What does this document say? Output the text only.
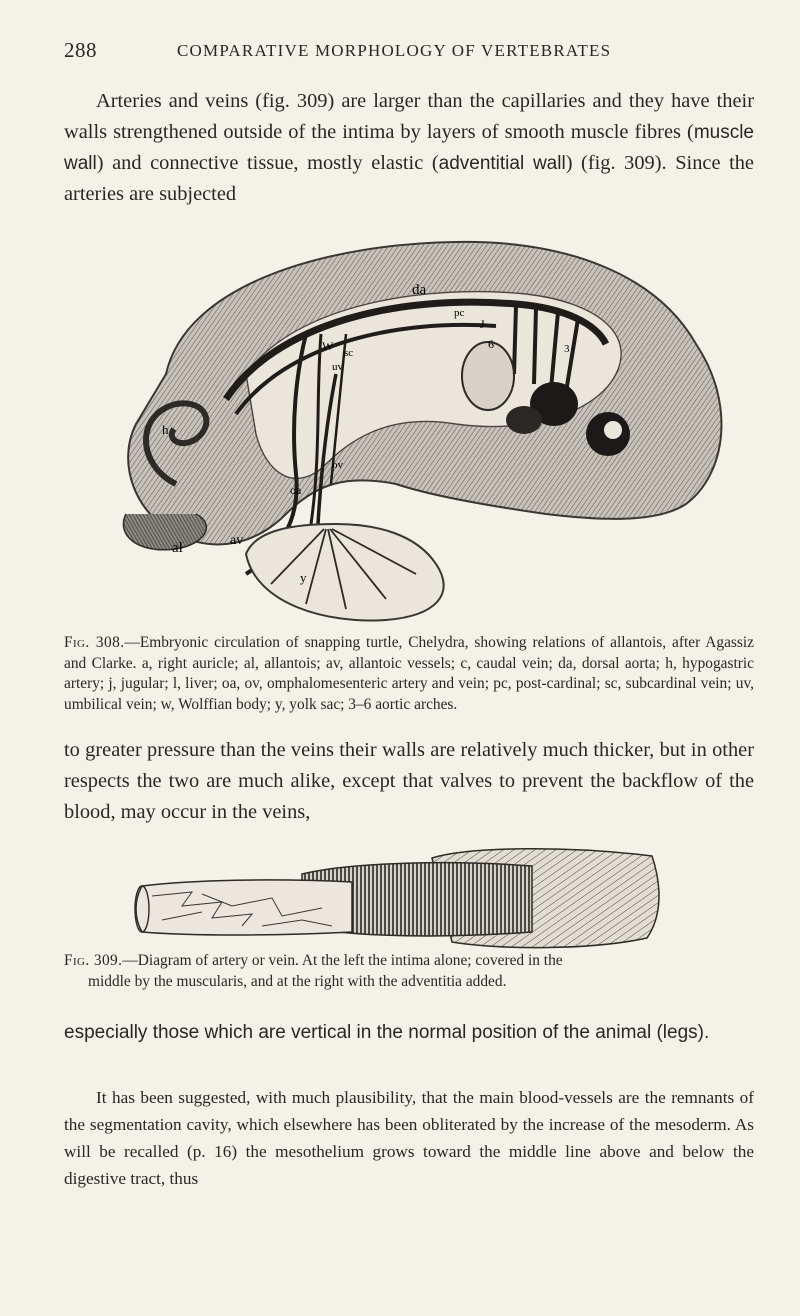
288	COMPARATIVE MORPHOLOGY OF VERTEBRATES

Arteries and veins (fig. 309) are larger than the capillaries and they have their walls strengthened outside of the intima by layers of smooth muscle fibres (muscle wall) and connective tissue, mostly elastic (adventitial wall) (fig. 309). Since the arteries are subjected

da
pc
J
6	3
W sc
uv
h
oa
ov
al	av
y

Fig. 308.—Embryonic circulation of snapping turtle, Chelydra, showing relations of allantois, after Agassiz and Clarke. a, right auricle; al, allantois; av, allantoic vessels; c, caudal vein; da, dorsal aorta; h, hypogastric artery; j, jugular; l, liver; oa, ov, omphalomesenteric artery and vein; pc, post-cardinal; sc, subcardinal vein; uv, umbilical vein; w, Wolffian body; y, yolk sac; 3–6 aortic arches.

to greater pressure than the veins their walls are relatively much thicker, but in other respects the two are much alike, except that valves to prevent the backflow of the blood, may occur in the veins,

Fig. 309.—Diagram of artery or vein. At the left the intima alone; covered in the
middle by the muscularis, and at the right with the adventitia added.

especially those which are vertical in the normal position of the animal (legs).

It has been suggested, with much plausibility, that the main blood-vessels are the remnants of the segmentation cavity, which elsewhere has been obliterated by the increase of the mesoderm. As will be recalled (p. 16) the mesothelium grows toward the middle line above and below the digestive tract, thus
